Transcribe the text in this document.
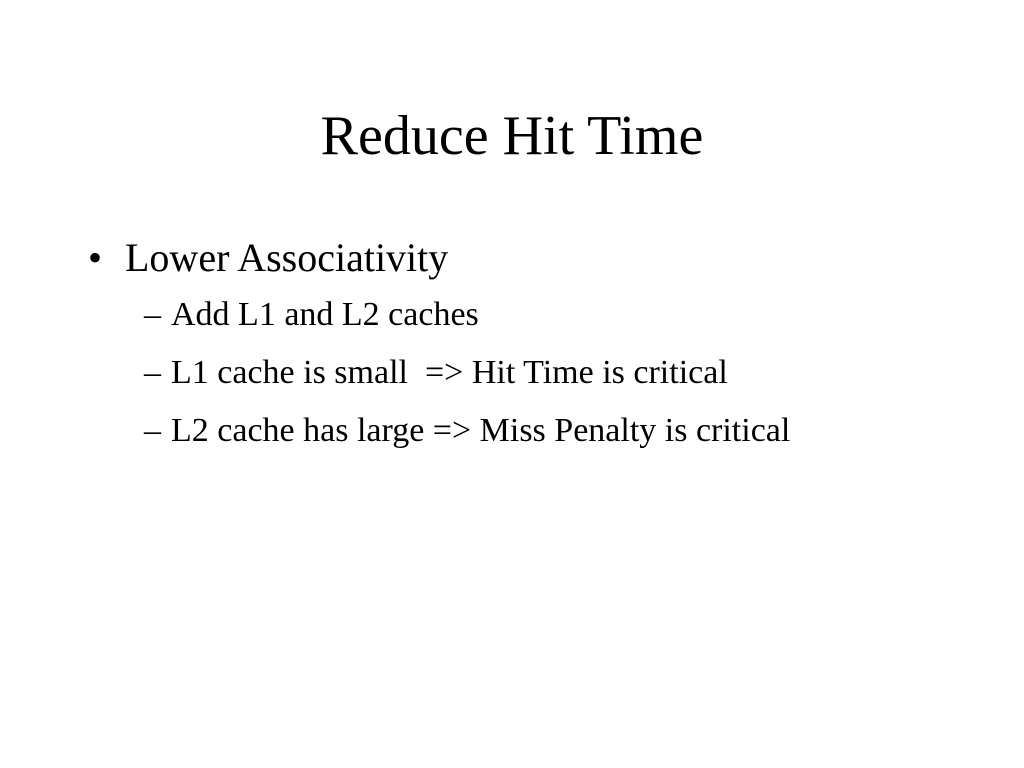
Reduce Hit Time
• Lower Associativity
– Add L1 and L2 caches
– L1 cache is small  => Hit Time is critical
– L2 cache has large => Miss Penalty is critical
